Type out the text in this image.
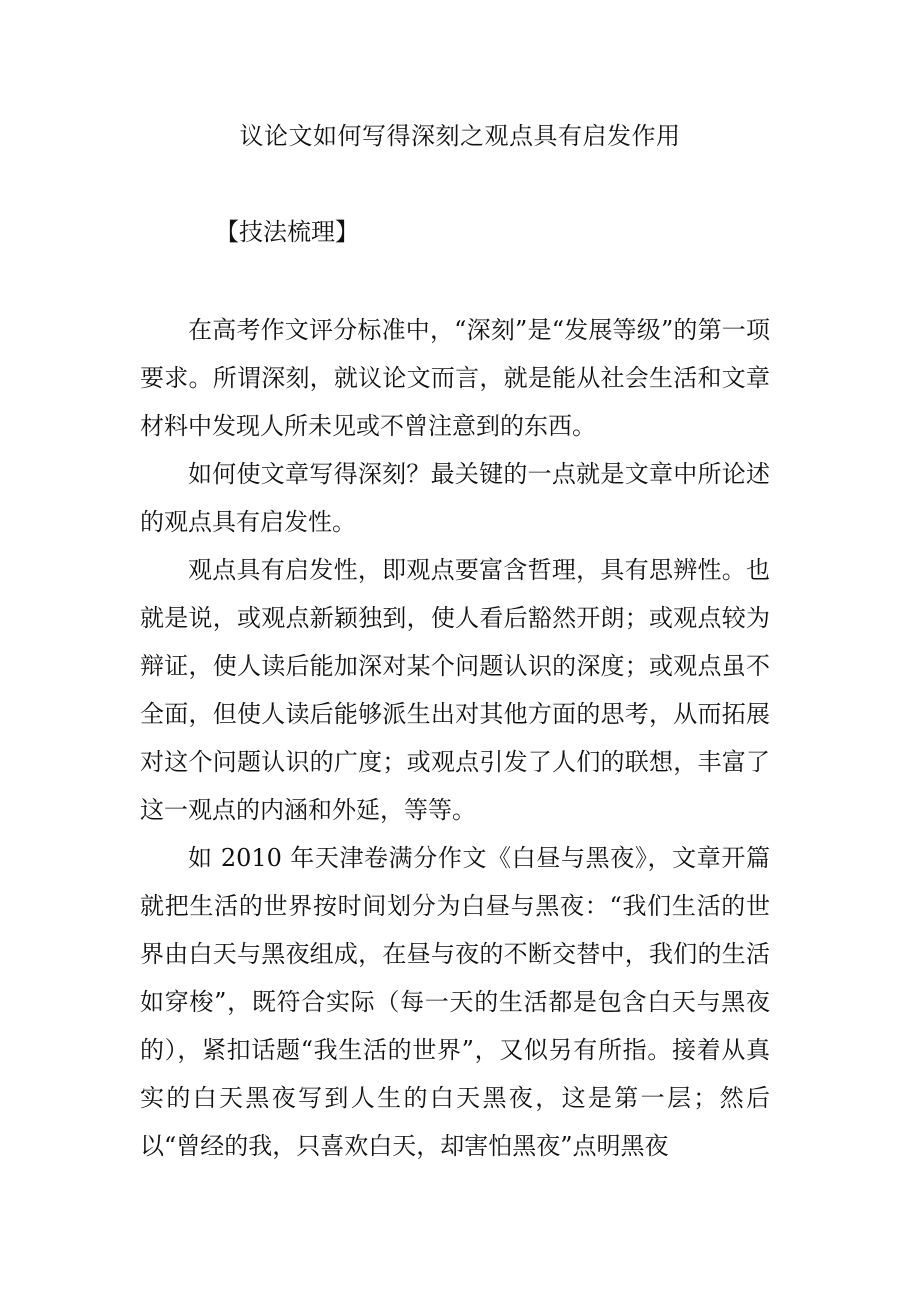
议论文如何写得深刻之观点具有启发作用
【技法梳理】

在高考作文评分标准中，“深刻”是“发展等级”的第一项要求。所谓深刻，就议论文而言，就是能从社会生活和文章材料中发现人所未见或不曾注意到的东西。

如何使文章写得深刻？最关键的一点就是文章中所论述的观点具有启发性。

观点具有启发性，即观点要富含哲理，具有思辨性。也就是说，或观点新颖独到，使人看后豁然开朗；或观点较为辩证，使人读后能加深对某个问题认识的深度；或观点虽不全面，但使人读后能够派生出对其他方面的思考，从而拓展对这个问题认识的广度；或观点引发了人们的联想，丰富了这一观点的内涵和外延，等等。

如 2010 年天津卷满分作文《白昼与黑夜》，文章开篇就把生活的世界按时间划分为白昼与黑夜：“我们生活的世界由白天与黑夜组成，在昼与夜的不断交替中，我们的生活如穿梭”，既符合实际（每一天的生活都是包含白天与黑夜的），紧扣话题“我生活的世界”，又似另有所指。接着从真实的白天黑夜写到人生的白天黑夜，这是第一层；然后以“曾经的我，只喜欢白天，却害怕黑夜”点明黑夜
